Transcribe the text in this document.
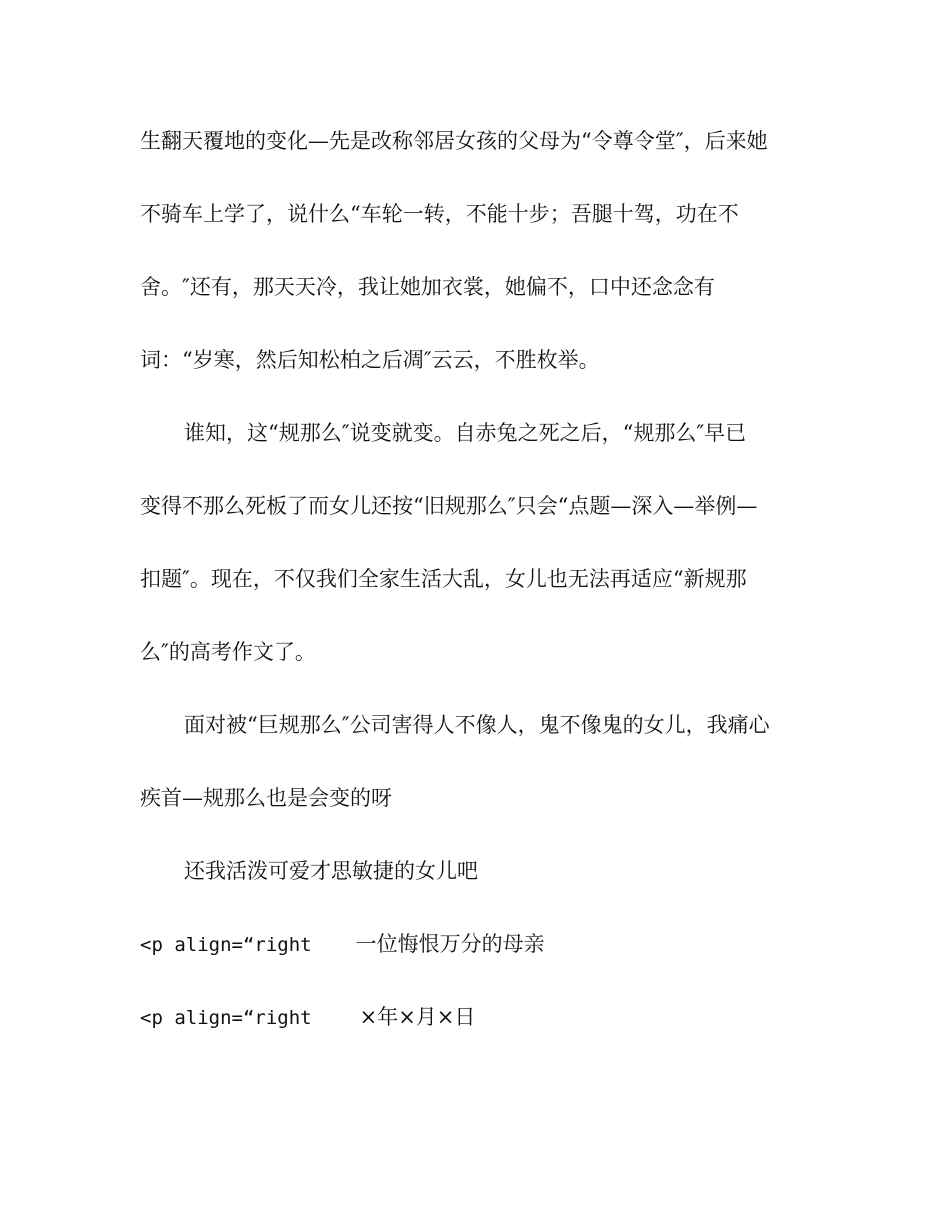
生翻天覆地的变化—先是改称邻居女孩的父母为“令尊令堂″，后来她
不骑车上学了，说什么“车轮一转，不能十步；吾腿十驾，功在不
舍。″还有，那天天冷，我让她加衣裳，她偏不，口中还念念有
词：“岁寒，然后知松柏之后凋″云云，不胜枚举。
谁知，这“规那么″说变就变。自赤兔之死之后，“规那么″早已
变得不那么死板了而女儿还按“旧规那么″只会“点题—深入—举例—
扣题″。现在，不仅我们全家生活大乱，女儿也无法再适应“新规那
么″的高考作文了。
面对被“巨规那么″公司害得人不像人，鬼不像鬼的女儿，我痛心
疾首—规那么也是会变的呀
还我活泼可爱才思敏捷的女儿吧
<p align=“right 一位悔恨万分的母亲
<p align=“right ×年×月×日
